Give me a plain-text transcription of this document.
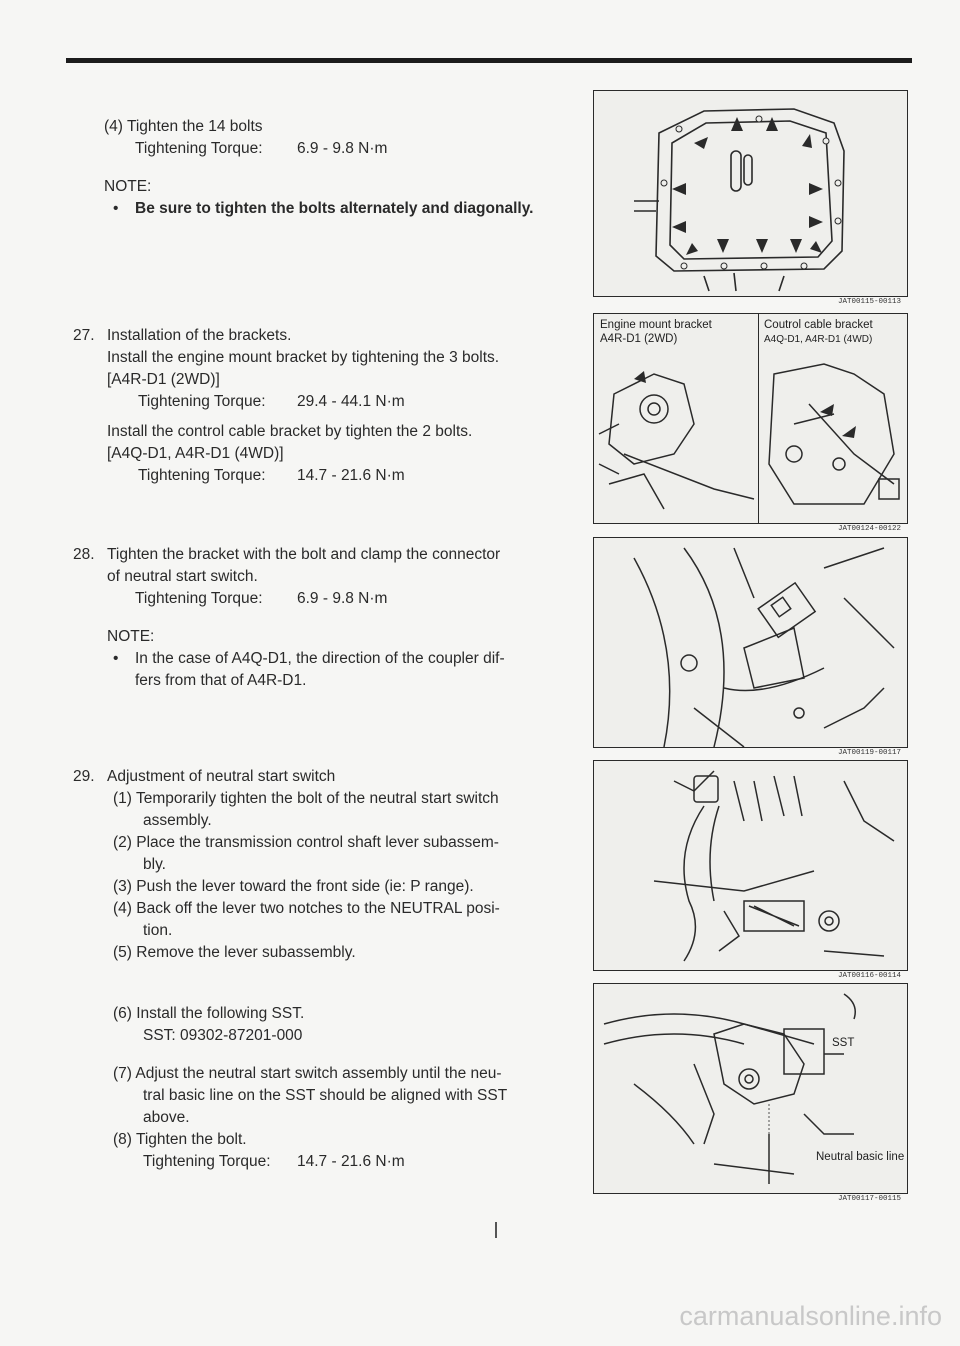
(4) Tighten the 14 bolts
Tightening Torque: 6.9 - 9.8 N·m
NOTE:
• Be sure to tighten the bolts alternately and diagonally.
27. Installation of the brackets.
Install the engine mount bracket by tightening the 3 bolts.
[A4R-D1 (2WD)]
Tightening Torque: 29.4 - 44.1 N·m
Install the control cable bracket by tighten the 2 bolts.
[A4Q-D1, A4R-D1 (4WD)]
Tightening Torque: 14.7 - 21.6 N·m
28. Tighten the bracket with the bolt and clamp the connector
of neutral start switch.
Tightening Torque: 6.9 - 9.8 N·m
NOTE:
• In the case of A4Q-D1, the direction of the coupler dif-
fers from that of A4R-D1.
29. Adjustment of neutral start switch
(1) Temporarily tighten the bolt of the neutral start switch
assembly.
(2) Place the transmission control shaft lever subassem-
bly.
(3) Push the lever toward the front side (ie: P range).
(4) Back off the lever two notches to the NEUTRAL posi-
tion.
(5) Remove the lever subassembly.
(6) Install the following SST.
SST: 09302-87201-000
(7) Adjust the neutral start switch assembly until the neu-
tral basic line on the SST should be aligned with SST
above.
(8) Tighten the bolt.
Tightening Torque: 14.7 - 21.6 N·m
JAT00115-00113
Engine mount bracket
A4R-D1 (2WD)
Coutrol cable bracket
A4Q-D1, A4R-D1 (4WD)
JAT00124-00122
JAT00119-00117
JAT00116-00114
SST
Neutral basic line
JAT00117-00115
carmanualsonline.info
